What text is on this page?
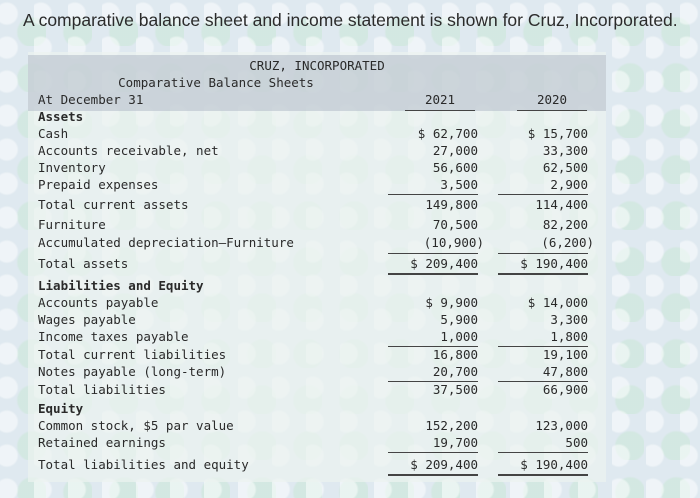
A comparative balance sheet and income statement is shown for Cruz, Incorporated.
CRUZ, INCORPORATED
Comparative Balance Sheets
At December 31	2021	2020
Assets
Cash	$ 62,700	$ 15,700
Accounts receivable, net	27,000	33,300
Inventory	56,600	62,500
Prepaid expenses	3,500	2,900
Total current assets	149,800	114,400
Furniture	70,500	82,200
Accumulated depreciation—Furniture	(10,900)	(6,200)
Total assets	$ 209,400	$ 190,400
Liabilities and Equity
Accounts payable	$ 9,900	$ 14,000
Wages payable	5,900	3,300
Income taxes payable	1,000	1,800
Total current liabilities	16,800	19,100
Notes payable (long-term)	20,700	47,800
Total liabilities	37,500	66,900
Equity
Common stock, $5 par value	152,200	123,000
Retained earnings	19,700	500
Total liabilities and equity	$ 209,400	$ 190,400
